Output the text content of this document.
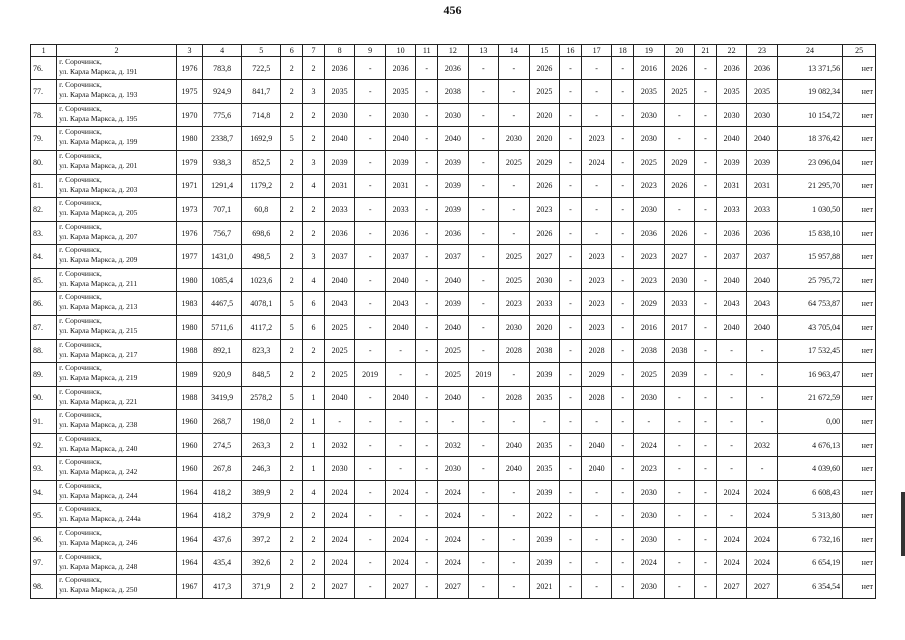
456
1	2	3	4	5	6	7	8	9	10	11	12	13	14	15	16	17	18	19	20	21	22	23	24	25
76.	г. Сорочинск,
ул. Карла Маркса, д. 191	1976	783,8	722,5	2	2	2036	-	2036	-	2036	-	-	2026	-	-	-	2016	2026	-	2036	2036	13 371,56	нет
77.	г. Сорочинск,
ул. Карла Маркса, д. 193	1975	924,9	841,7	2	3	2035	-	2035	-	2038	-	-	2025	-	-	-	2035	2025	-	2035	2035	19 082,34	нет
78.	г. Сорочинск,
ул. Карла Маркса, д. 195	1970	775,6	714,8	2	2	2030	-	2030	-	2030	-	-	2020	-	-	-	2030	-	-	2030	2030	10 154,72	нет
79.	г. Сорочинск,
ул. Карла Маркса, д. 199	1980	2338,7	1692,9	5	2	2040	-	2040	-	2040	-	2030	2020	-	2023	-	2030	-	-	2040	2040	18 376,42	нет
80.	г. Сорочинск,
ул. Карла Маркса, д. 201	1979	938,3	852,5	2	3	2039	-	2039	-	2039	-	2025	2029	-	2024	-	2025	2029	-	2039	2039	23 096,04	нет
81.	г. Сорочинск,
ул. Карла Маркса, д. 203	1971	1291,4	1179,2	2	4	2031	-	2031	-	2039	-	-	2026	-	-	-	2023	2026	-	2031	2031	21 295,70	нет
82.	г. Сорочинск,
ул. Карла Маркса, д. 205	1973	707,1	60,8	2	2	2033	-	2033	-	2039	-	-	2023	-	-	-	2030	-	-	2033	2033	1 030,50	нет
83.	г. Сорочинск,
ул. Карла Маркса, д. 207	1976	756,7	698,6	2	2	2036	-	2036	-	2036	-	-	2026	-	-	-	2036	2026	-	2036	2036	15 838,10	нет
84.	г. Сорочинск,
ул. Карла Маркса, д. 209	1977	1431,0	498,5	2	3	2037	-	2037	-	2037	-	2025	2027	-	2023	-	2023	2027	-	2037	2037	15 957,88	нет
85.	г. Сорочинск,
ул. Карла Маркса, д. 211	1980	1085,4	1023,6	2	4	2040	-	2040	-	2040	-	2025	2030	-	2023	-	2023	2030	-	2040	2040	25 795,72	нет
86.	г. Сорочинск,
ул. Карла Маркса, д. 213	1983	4467,5	4078,1	5	6	2043	-	2043	-	2039	-	2023	2033	-	2023	-	2029	2033	-	2043	2043	64 753,87	нет
87.	г. Сорочинск,
ул. Карла Маркса, д. 215	1980	5711,6	4117,2	5	6	2025	-	2040	-	2040	-	2030	2020	-	2023	-	2016	2017	-	2040	2040	43 705,04	нет
88.	г. Сорочинск,
ул. Карла Маркса, д. 217	1988	892,1	823,3	2	2	2025	-	-	-	2025	-	2028	2038	-	2028	-	2038	2038	-	-	-	17 532,45	нет
89.	г. Сорочинск,
ул. Карла Маркса, д. 219	1989	920,9	848,5	2	2	2025	2019	-	-	2025	2019	-	2039	-	2029	-	2025	2039	-	-	-	16 963,47	нет
90.	г. Сорочинск,
ул. Карла Маркса, д. 221	1988	3419,9	2578,2	5	1	2040	-	2040	-	2040	-	2028	2035	-	2028	-	2030	-	-	-	-	21 672,59	нет
91.	г. Сорочинск,
ул. Карла Маркса, д. 238	1960	268,7	198,0	2	1	-	-	-	-	-	-	-	-	-	-	-	-	-	-	-	-	0,00	нет
92.	г. Сорочинск,
ул. Карла Маркса, д. 240	1960	274,5	263,3	2	1	2032	-	-	-	2032	-	2040	2035	-	2040	-	2024	-	-	-	2032	4 676,13	нет
93.	г. Сорочинск,
ул. Карла Маркса, д. 242	1960	267,8	246,3	2	1	2030	-	-	-	2030	-	2040	2035	-	2040	-	2023	-	-	-	-	4 039,60	нет
94.	г. Сорочинск,
ул. Карла Маркса, д. 244	1964	418,2	389,9	2	4	2024	-	2024	-	2024	-	-	2039	-	-	-	2030	-	-	2024	2024	6 608,43	нет
95.	г. Сорочинск,
ул. Карла Маркса, д. 244а	1964	418,2	379,9	2	2	2024	-	-	-	2024	-	-	2022	-	-	-	2030	-	-	-	2024	5 313,80	нет
96.	г. Сорочинск,
ул. Карла Маркса, д. 246	1964	437,6	397,2	2	2	2024	-	2024	-	2024	-	-	2039	-	-	-	2030	-	-	2024	2024	6 732,16	нет
97.	г. Сорочинск,
ул. Карла Маркса, д. 248	1964	435,4	392,6	2	2	2024	-	2024	-	2024	-	-	2039	-	-	-	2024	-	-	2024	2024	6 654,19	нет
98.	г. Сорочинск,
ул. Карла Маркса, д. 250	1967	417,3	371,9	2	2	2027	-	2027	-	2027	-	-	2021	-	-	-	2030	-	-	2027	2027	6 354,54	нет
